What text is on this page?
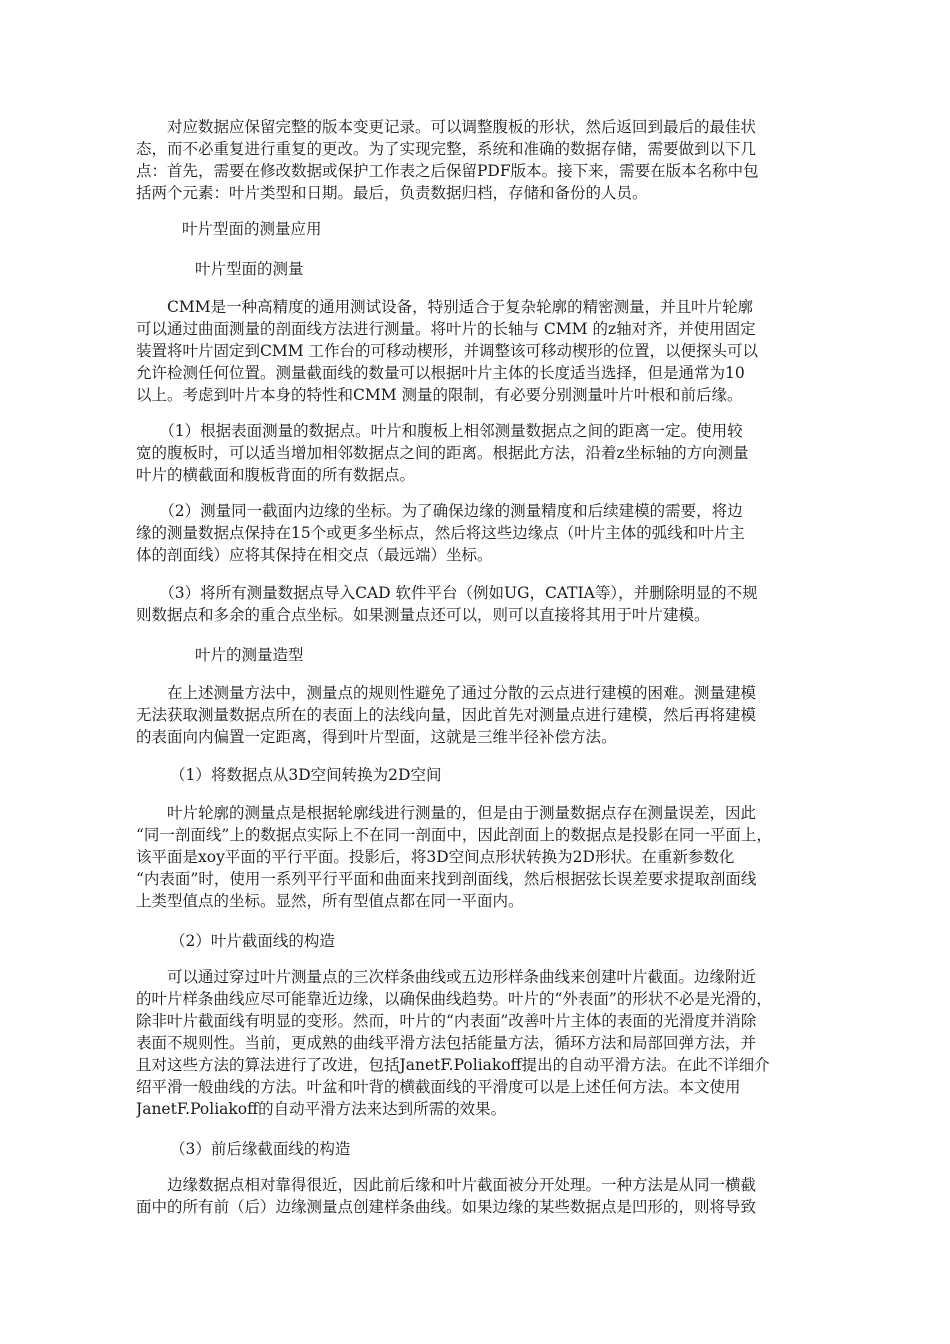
　　对应数据应保留完整的版本变更记录。可以调整腹板的形状，然后返回到最后的最佳状
态，而不必重复进行重复的更改。为了实现完整，系统和准确的数据存储，需要做到以下几
点：首先，需要在修改数据或保护工作表之后保留PDF版本。接下来，需要在版本名称中包
括两个元素：叶片类型和日期。最后，负责数据归档，存储和备份的人员。
叶片型面的测量应用
叶片型面的测量
　　CMM是一种高精度的通用测试设备，特别适合于复杂轮廓的精密测量，并且叶片轮廓
可以通过曲面测量的剖面线方法进行测量。将叶片的长轴与 CMM 的z轴对齐，并使用固定
装置将叶片固定到CMM 工作台的可移动楔形，并调整该可移动楔形的位置，以便探头可以
允许检测任何位置。测量截面线的数量可以根据叶片主体的长度适当选择，但是通常为10
以上。考虑到叶片本身的特性和CMM 测量的限制，有必要分别测量叶片叶根和前后缘。
　　（1）根据表面测量的数据点。叶片和腹板上相邻测量数据点之间的距离一定。使用较
宽的腹板时，可以适当增加相邻数据点之间的距离。根据此方法，沿着z坐标轴的方向测量
叶片的横截面和腹板背面的所有数据点。
　　（2）测量同一截面内边缘的坐标。为了确保边缘的测量精度和后续建模的需要，将边
缘的测量数据点保持在15个或更多坐标点，然后将这些边缘点（叶片主体的弧线和叶片主
体的剖面线）应将其保持在相交点（最远端）坐标。
　　（3）将所有测量数据点导入CAD 软件平台（例如UG，CATIA等），并删除明显的不规
则数据点和多余的重合点坐标。如果测量点还可以，则可以直接将其用于叶片建模。
叶片的测量造型
　　在上述测量方法中，测量点的规则性避免了通过分散的云点进行建模的困难。测量建模
无法获取测量数据点所在的表面上的法线向量，因此首先对测量点进行建模，然后再将建模
的表面向内偏置一定距离，得到叶片型面，这就是三维半径补偿方法。
（1）将数据点从3D空间转换为2D空间
　　叶片轮廓的测量点是根据轮廓线进行测量的，但是由于测量数据点存在测量误差，因此
“同一剖面线”上的数据点实际上不在同一剖面中，因此剖面上的数据点是投影在同一平面上，
该平面是xoy平面的平行平面。投影后，将3D空间点形状转换为2D形状。在重新参数化
“内表面”时，使用一系列平行平面和曲面来找到剖面线，然后根据弦长误差要求提取剖面线
上类型值点的坐标。显然，所有型值点都在同一平面内。
（2）叶片截面线的构造
　　可以通过穿过叶片测量点的三次样条曲线或五边形样条曲线来创建叶片截面。边缘附近
的叶片样条曲线应尽可能靠近边缘，以确保曲线趋势。叶片的“外表面”的形状不必是光滑的，
除非叶片截面线有明显的变形。然而，叶片的“内表面”改善叶片主体的表面的光滑度并消除
表面不规则性。当前，更成熟的曲线平滑方法包括能量方法，循环方法和局部回弹方法，并
且对这些方法的算法进行了改进，包括JanetF.Poliakoff提出的自动平滑方法。在此不详细介
绍平滑一般曲线的方法。叶盆和叶背的横截面线的平滑度可以是上述任何方法。本文使用
JanetF.Poliakoff的自动平滑方法来达到所需的效果。
（3）前后缘截面线的构造
　　边缘数据点相对靠得很近，因此前后缘和叶片截面被分开处理。一种方法是从同一横截
面中的所有前（后）边缘测量点创建样条曲线。如果边缘的某些数据点是凹形的，则将导致
